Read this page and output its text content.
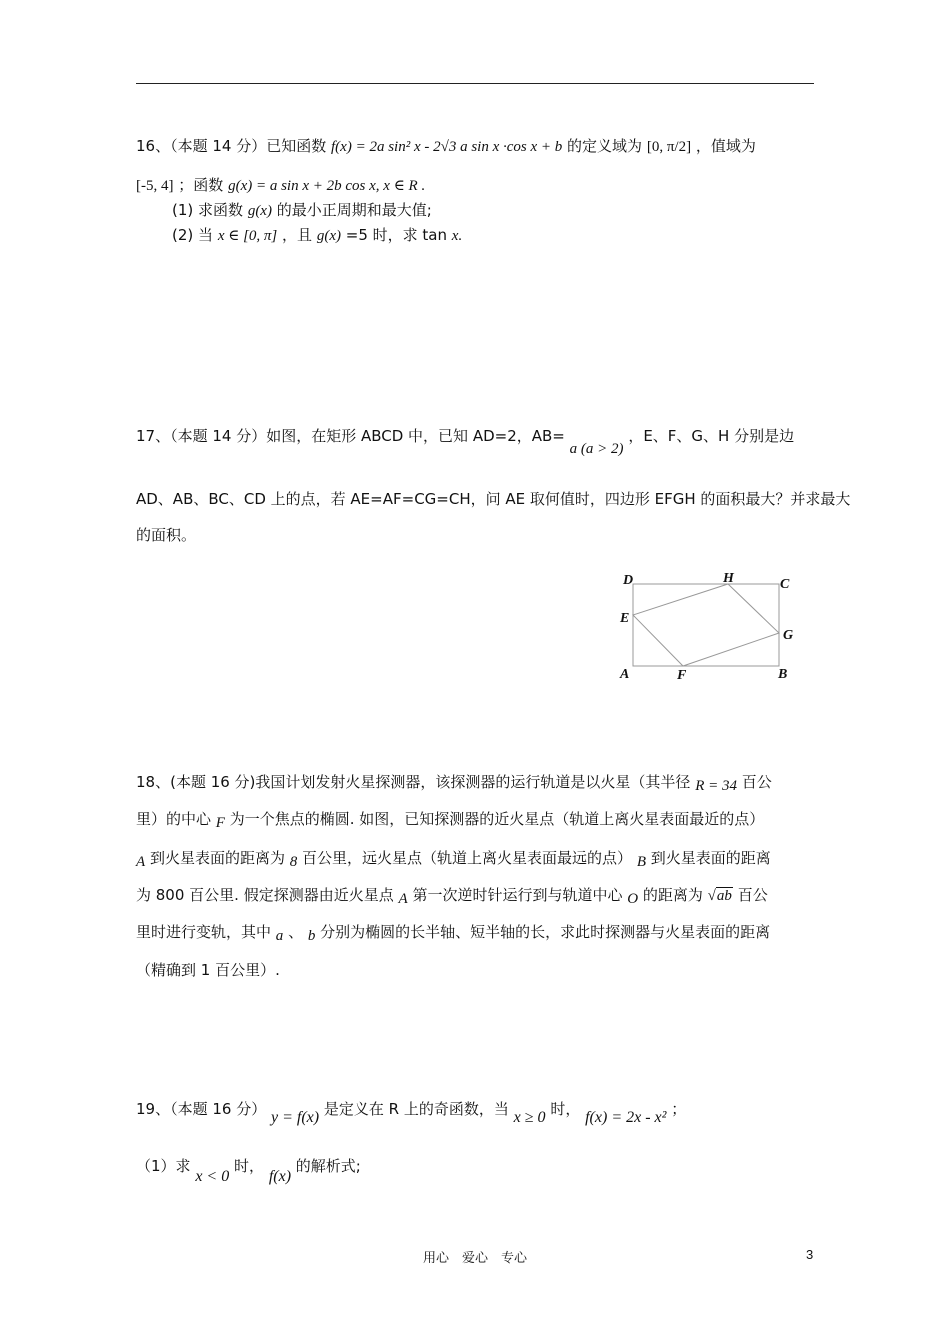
16、（本题 14 分）已知函数 f(x) = 2a sin² x - 2√3 a sin x ·cos x + b 的定义域为 [0, π/2] ，值域为
[-5, 4] ；函数 g(x) = a sin x + 2b cos x, x ∈ R .
(1) 求函数 g(x) 的最小正周期和最大值;
(2) 当 x ∈ [0, π] ，且 g(x) =5 时，求 tan x.
17、（本题 14 分）如图，在矩形 ABCD 中，已知 AD=2，AB= a (a > 2) ，E、F、G、H 分别是边
AD、AB、BC、CD 上的点，若 AE=AF=CG=CH，问 AE 取何值时，四边形 EFGH 的面积最大？并求最大
的面积。
D	H	C
E
G
A	F	B
18、(本题 16 分)我国计划发射火星探测器，该探测器的运行轨道是以火星（其半径 R = 34 百公
里）的中心 F 为一个焦点的椭圆. 如图，已知探测器的近火星点（轨道上离火星表面最近的点）
A 到火星表面的距离为 8 百公里，远火星点（轨道上离火星表面最远的点） B 到火星表面的距离
为 800 百公里. 假定探测器由近火星点 A 第一次逆时针运行到与轨道中心 O 的距离为 √ab 百公
里时进行变轨，其中 a 、 b 分别为椭圆的长半轴、短半轴的长，求此时探测器与火星表面的距离
（精确到 1 百公里）.
19、（本题 16 分） y = f(x) 是定义在 R 上的奇函数，当 x ≥ 0 时， f(x) = 2x - x² ；
（1）求 x < 0 时， f(x) 的解析式;
用心　爱心　专心	3
